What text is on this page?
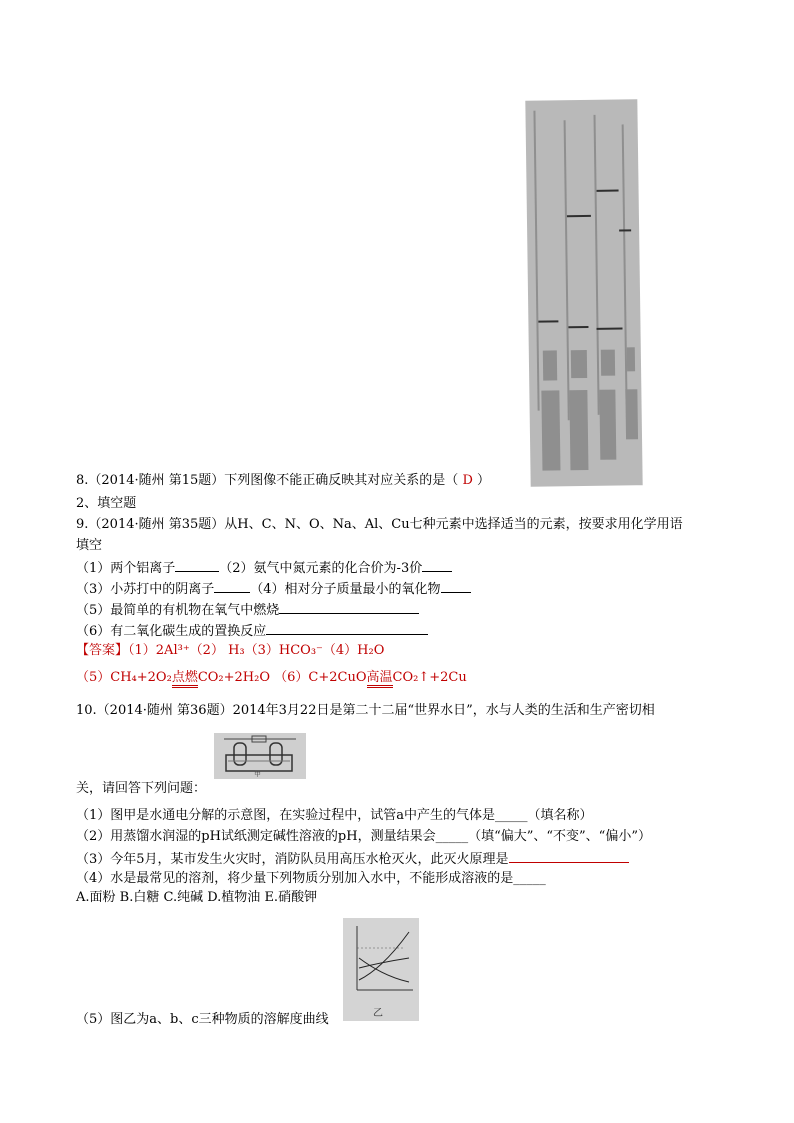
8.（2014·随州 第15题）下列图像不能正确反映其对应关系的是（ D ）
2、填空题
9.（2014·随州 第35题）从H、C、N、O、Na、Al、Cu七种元素中选择适当的元素，按要求用化学用语
填空
（1）两个铝离子	（2）氨气中氮元素的化合价为-3价
（3）小苏打中的阴离子	（4）相对分子质量最小的氧化物
（5）最简单的有机物在氧气中燃烧
（6）有二氧化碳生成的置换反应
【答案】（1）2Al³⁺（2） H₃（3）HCO₃⁻（4）H₂O
（5）CH₄+2O₂点燃CO₂+2H₂O （6）C+2CuO高温CO₂↑+2Cu
10.（2014·随州 第36题）2014年3月22日是第二十二届“世界水日”，水与人类的生活和生产密切相
甲
关，请回答下列问题：
（1）图甲是水通电分解的示意图，在实验过程中，试管a中产生的气体是_____（填名称）
（2）用蒸馏水润湿的pH试纸测定碱性溶液的pH，测量结果会_____（填“偏大”、“不变”、“偏小”）
（3）今年5月，某市发生火灾时，消防队员用高压水枪灭火，此灭火原理是
（4）水是最常见的溶剂，将少量下列物质分别加入水中，不能形成溶液的是_____
A.面粉 B.白糖 C.纯碱 D.植物油 E.硝酸钾
乙
（5）图乙为a、b、c三种物质的溶解度曲线
